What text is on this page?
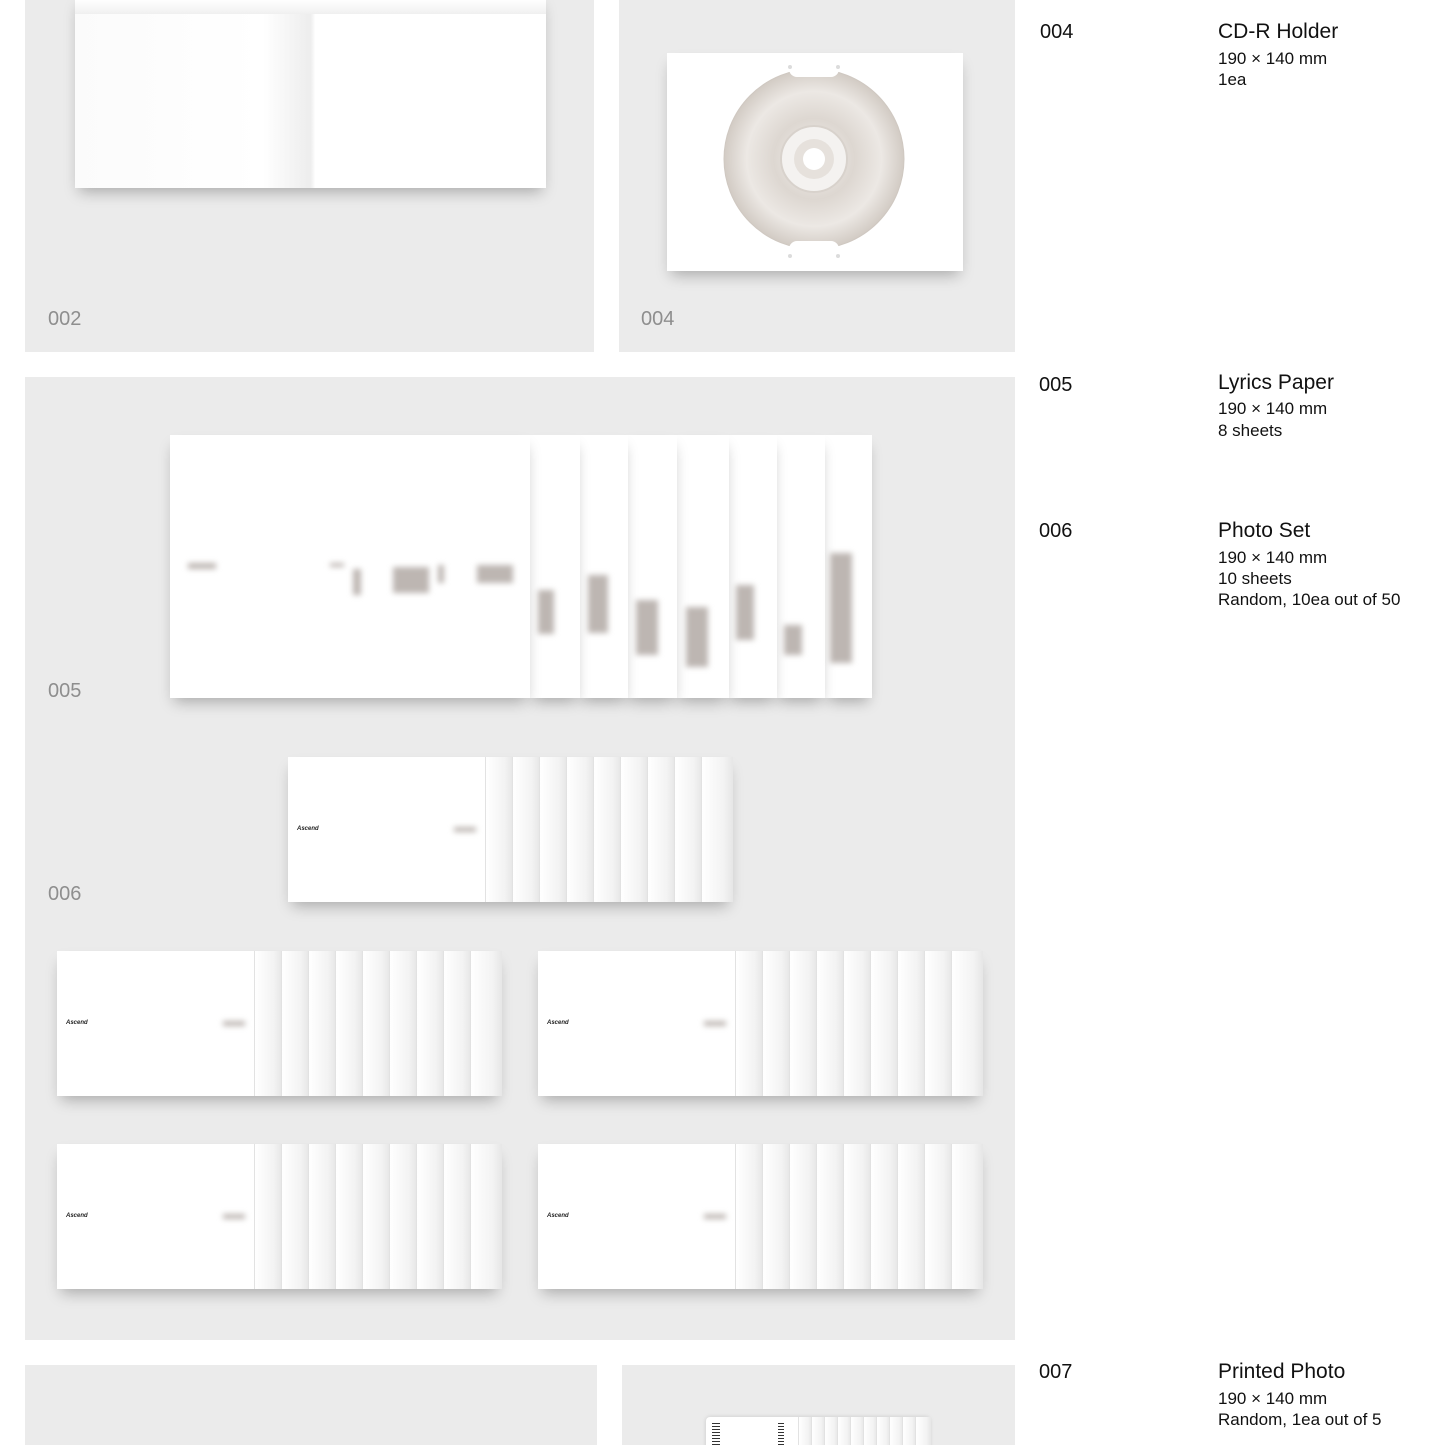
002	004
005
Ascend
006
Ascend	Ascend
Ascend	Ascend
004	CD-R Holder
190 × 140 mm
1ea
005	Lyrics Paper
190 × 140 mm
8 sheets
006	Photo Set
190 × 140 mm
10 sheets
Random, 10ea out of 50
007	Printed Photo
190 × 140 mm
Random, 1ea out of 5
